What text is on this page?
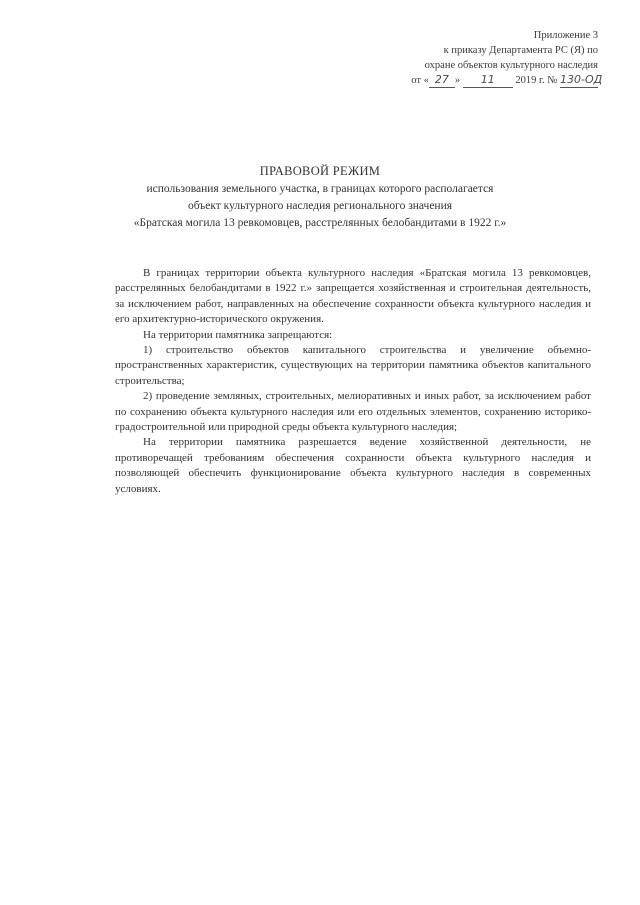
Приложение 3
к приказу Департамента РС (Я) по
охране объектов культурного наследия
от « 27 » 11 2019 г. № 130-ОД
ПРАВОВОЙ РЕЖИМ
использования земельного участка, в границах которого располагается
объект культурного наследия регионального значения
«Братская могила 13 ревкомовцев, расстрелянных белобандитами в 1922 г.»

В границах территории объекта культурного наследия «Братская могила 13 ревкомовцев, расстрелянных белобандитами в 1922 г.» запрещается хозяйственная и строительная деятельность, за исключением работ, направленных на обеспечение сохранности объекта культурного наследия и его архитектурно-исторического окружения.

На территории памятника запрещаются:

1) строительство объектов капитального строительства и увеличение объемно-пространственных характеристик, существующих на территории памятника объектов капитального строительства;

2) проведение земляных, строительных, мелиоративных и иных работ, за исключением работ по сохранению объекта культурного наследия или его отдельных элементов, сохранению историко-градостроительной или природной среды объекта культурного наследия;

На территории памятника разрешается ведение хозяйственной деятельности, не противоречащей требованиям обеспечения сохранности объекта культурного наследия и позволяющей обеспечить функционирование объекта культурного наследия в современных условиях.
